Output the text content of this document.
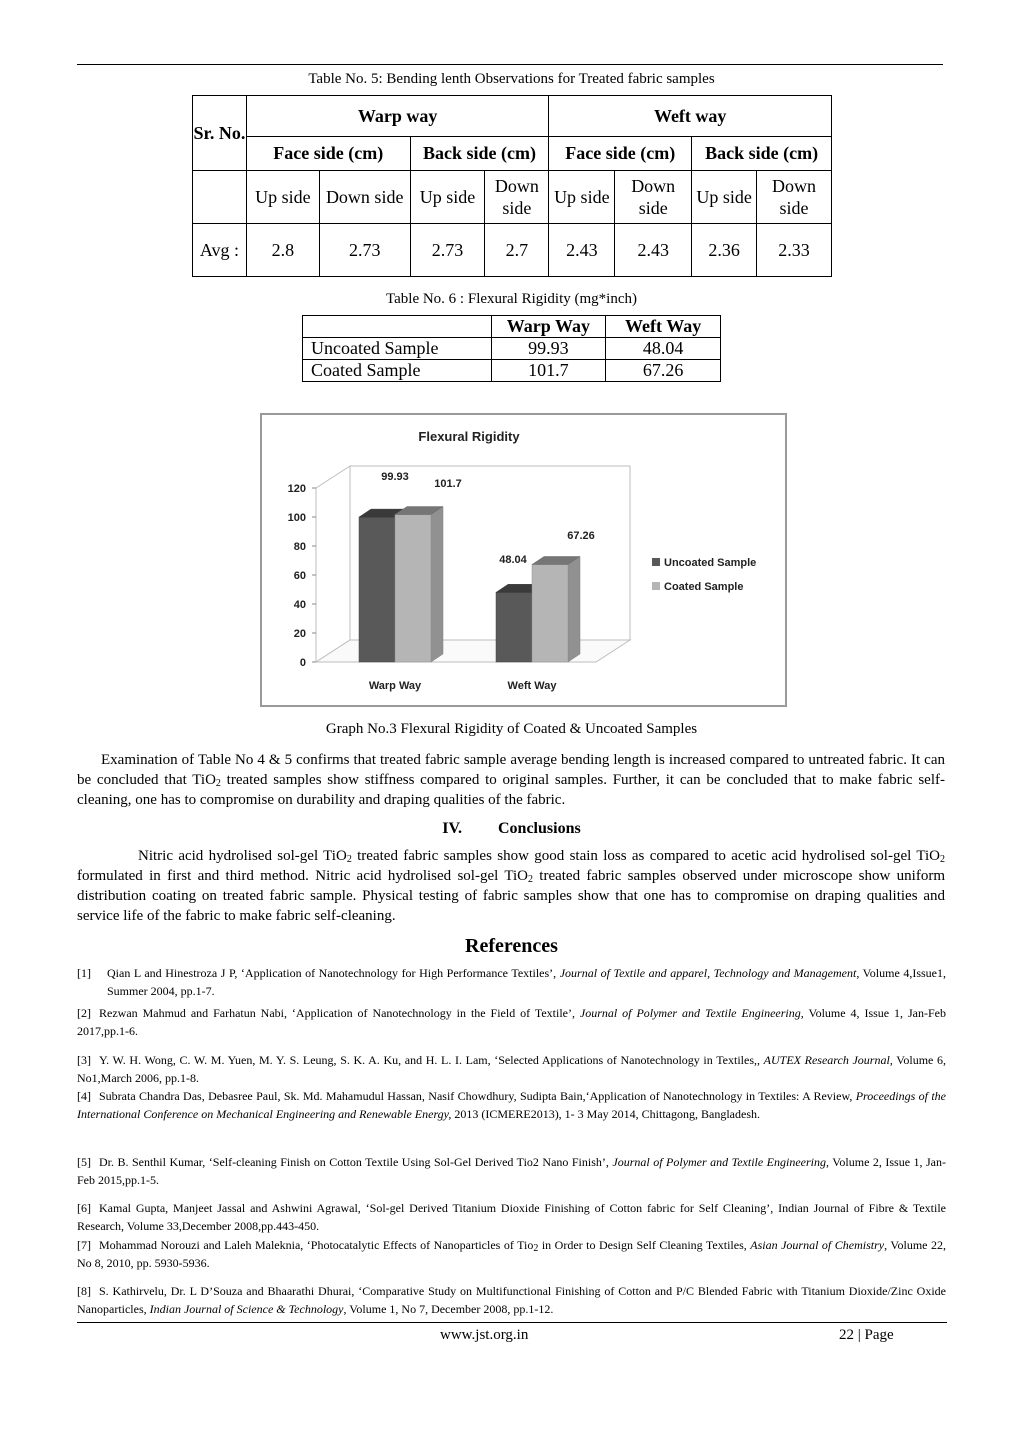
Table No. 5: Bending lenth Observations for Treated fabric samples
Sr. No.	Warp way				Weft way			
	Face side (cm)		Back side (cm)		Face side (cm)		Back side (cm)	
	Up side	Down side	Up side	Down side	Up side	Down side	Up side	Down side
Avg :	2.8	2.73	2.73	2.7	2.43	2.43	2.36	2.33
Table No. 6 : Flexural Rigidity (mg*inch)
	Warp Way	Weft Way
Uncoated Sample	99.93	48.04
Coated Sample	101.7	67.26
Flexural Rigidity
0
20
40
60
80
100
120
Warp Way	Weft Way
99.93
101.7
48.04
67.26
Uncoated Sample
Coated Sample
Graph No.3 Flexural Rigidity of Coated & Uncoated Samples
Examination of Table No 4 & 5 confirms that treated fabric sample average bending length is increased compared to untreated fabric. It can be concluded that TiO$_2$ treated samples show stiffness compared to original samples. Further, it can be concluded that to make fabric self-cleaning, one has to compromise on durability and draping qualities of the fabric.
IV. Conclusions
Nitric acid hydrolised sol-gel TiO$_2$ treated fabric samples show good stain loss as compared to acetic acid hydrolised sol-gel TiO$_2$ formulated in first and third method. Nitric acid hydrolised sol-gel TiO$_2$ treated fabric samples observed under microscope show uniform distribution coating on treated fabric sample. Physical testing of fabric samples show that one has to compromise on draping qualities and service life of the fabric to make fabric self-cleaning.
References
[1]	Qian L and Hinestroza J P, ‘Application of Nanotechnology for High Performance Textiles’, Journal of Textile and apparel, Technology and Management, Volume 4,Issue1, Summer 2004, pp.1-7.
[2] Rezwan Mahmud and Farhatun Nabi, ‘Application of Nanotechnology in the Field of Textile’, Journal of Polymer and Textile Engineering, Volume 4, Issue 1, Jan-Feb 2017,pp.1-6.
[3] Y. W. H. Wong, C. W. M. Yuen, M. Y. S. Leung, S. K. A. Ku, and H. L. I. Lam, ‘Selected Applications of Nanotechnology in Textiles,, AUTEX Research Journal, Volume 6, No1,March 2006, pp.1-8.
[4] Subrata Chandra Das, Debasree Paul, Sk. Md. Mahamudul Hassan, Nasif Chowdhury, Sudipta Bain,‘Application of Nanotechnology in Textiles: A Review, Proceedings of the International Conference on Mechanical Engineering and Renewable Energy, 2013 (ICMERE2013), 1- 3 May 2014, Chittagong, Bangladesh.
[5] Dr. B. Senthil Kumar, ‘Self-cleaning Finish on Cotton Textile Using Sol-Gel Derived Tio2 Nano Finish’, Journal of Polymer and Textile Engineering, Volume 2, Issue 1, Jan-Feb 2015,pp.1-5.
[6] Kamal Gupta, Manjeet Jassal and Ashwini Agrawal, ‘Sol-gel Derived Titanium Dioxide Finishing of Cotton fabric for Self Cleaning’, Indian Journal of Fibre & Textile Research, Volume 33,December 2008,pp.443-450.
[7] Mohammad Norouzi and Laleh Maleknia, ‘Photocatalytic Effects of Nanoparticles of Tio$_2$ in Order to Design Self Cleaning Textiles, Asian Journal of Chemistry, Volume 22, No 8, 2010, pp. 5930-5936.
[8] S. Kathirvelu, Dr. L D’Souza and Bhaarathi Dhurai, ‘Comparative Study on Multifunctional Finishing of Cotton and P/C Blended Fabric with Titanium Dioxide/Zinc Oxide Nanoparticles, Indian Journal of Science & Technology, Volume 1, No 7, December 2008, pp.1-12.
www.jst.org.in	22 | Page
